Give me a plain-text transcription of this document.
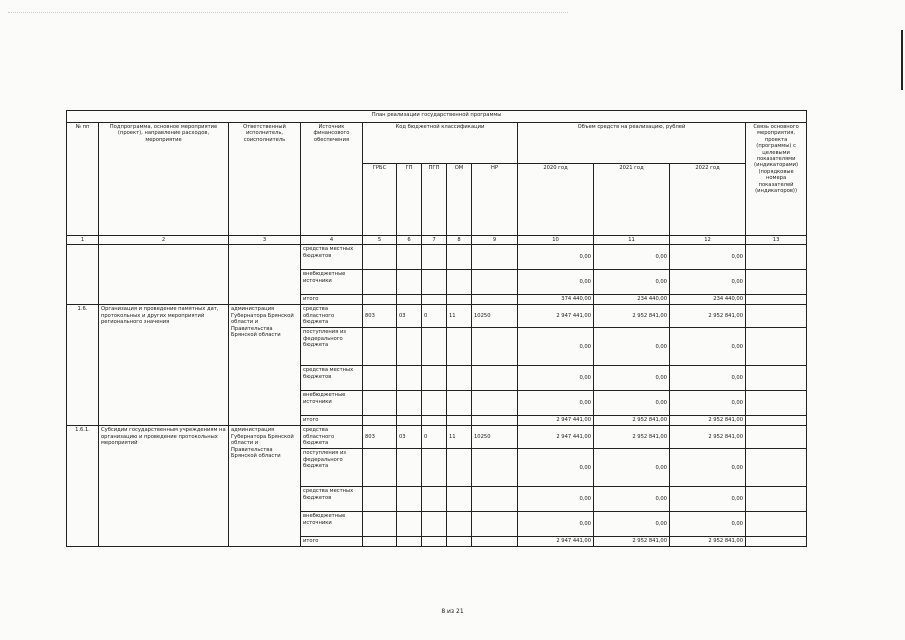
План реализации государственной программы												
№ пп	Подпрограмма, основное мероприятие (проект), направление расходов, мероприятие	Ответственный исполнитель, соисполнитель	Источник финансового обеспечения	Код бюджетной классификации					Объем средств на реализацию, рублей			Связь основного мероприятия, проекта (программы) с целевыми показателями (индикаторами) (порядковые номера показателей (индикаторов))
				ГРБС	ГП	ПГП	ОМ	НР	2020 год	2021 год	2022 год	
1	2	3	4	5	6	7	8	9	10	11	12	13
			средства местных бюджетов						0,00	0,00	0,00	
			внебюджетные источники						0,00	0,00	0,00	
			итого						374 440,00	234 440,00	234 440,00	
1.6.	Организация и проведение памятных дат, протокольных и других мероприятий регионального значения	администрация Губернатора Брянской области и Правительства Брянской области	средства областного бюджета	803	03	0	11	10250	2 947 441,00	2 952 841,00	2 952 841,00	
			поступления из федерального бюджета						0,00	0,00	0,00	
			средства местных бюджетов						0,00	0,00	0,00	
			внебюджетные источники						0,00	0,00	0,00	
			итого						2 947 441,00	2 952 841,00	2 952 841,00	
1.6.1.	Субсидии государственным учреждениям на организацию и проведение протокольных мероприятий	администрация Губернатора Брянской области и Правительства Брянской области	средства областного бюджета	803	03	0	11	10250	2 947 441,00	2 952 841,00	2 952 841,00	
			поступления из федерального бюджета						0,00	0,00	0,00	
			средства местных бюджетов						0,00	0,00	0,00	
			внебюджетные источники						0,00	0,00	0,00	
			итого						2 947 441,00	2 952 841,00	2 952 841,00	
8 из 21
